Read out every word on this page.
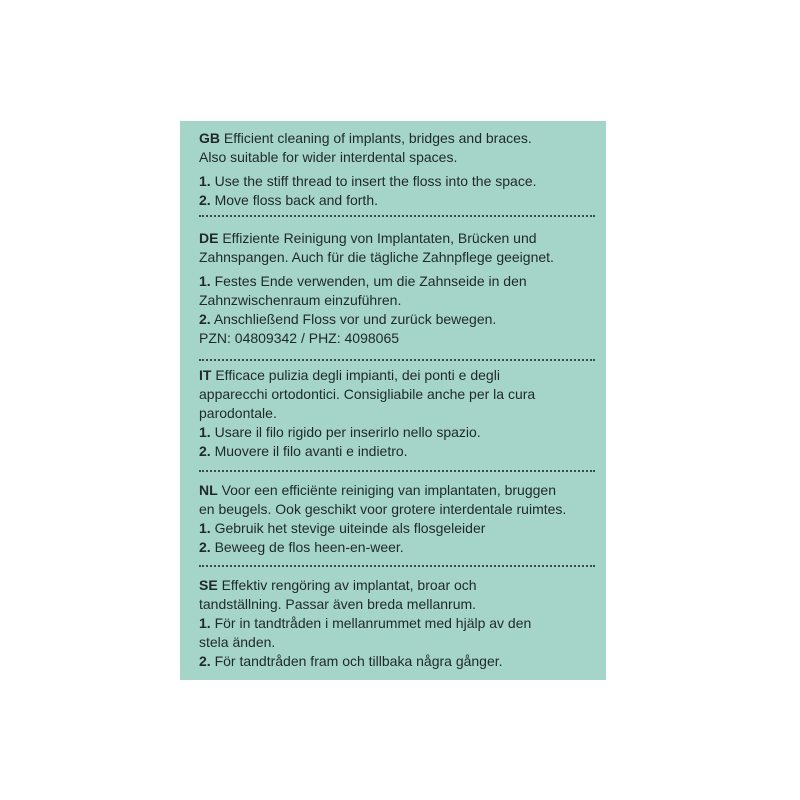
GB Efficient cleaning of implants, bridges and braces.
Also suitable for wider interdental spaces.
1. Use the stiff thread to insert the floss into the space.
2. Move floss back and forth.
DE Effiziente Reinigung von Implantaten, Brücken und
Zahnspangen. Auch für die tägliche Zahnpflege geeignet.
1. Festes Ende verwenden, um die Zahnseide in den
Zahnzwischenraum einzuführen.
2. Anschließend Floss vor und zurück bewegen.
PZN: 04809342 / PHZ: 4098065
IT Efficace pulizia degli impianti, dei ponti e degli
apparecchi ortodontici. Consigliabile anche per la cura
parodontale.
1. Usare il filo rigido per inserirlo nello spazio.
2. Muovere il filo avanti e indietro.
NL Voor een efficiënte reiniging van implantaten, bruggen
en beugels. Ook geschikt voor grotere interdentale ruimtes.
1. Gebruik het stevige uiteinde als flosgeleider
2. Beweeg de flos heen-en-weer.
SE Effektiv rengöring av implantat, broar och
tandställning. Passar även breda mellanrum.
1. För in tandtråden i mellanrummet med hjälp av den
stela änden.
2. För tandtråden fram och tillbaka några gånger.
